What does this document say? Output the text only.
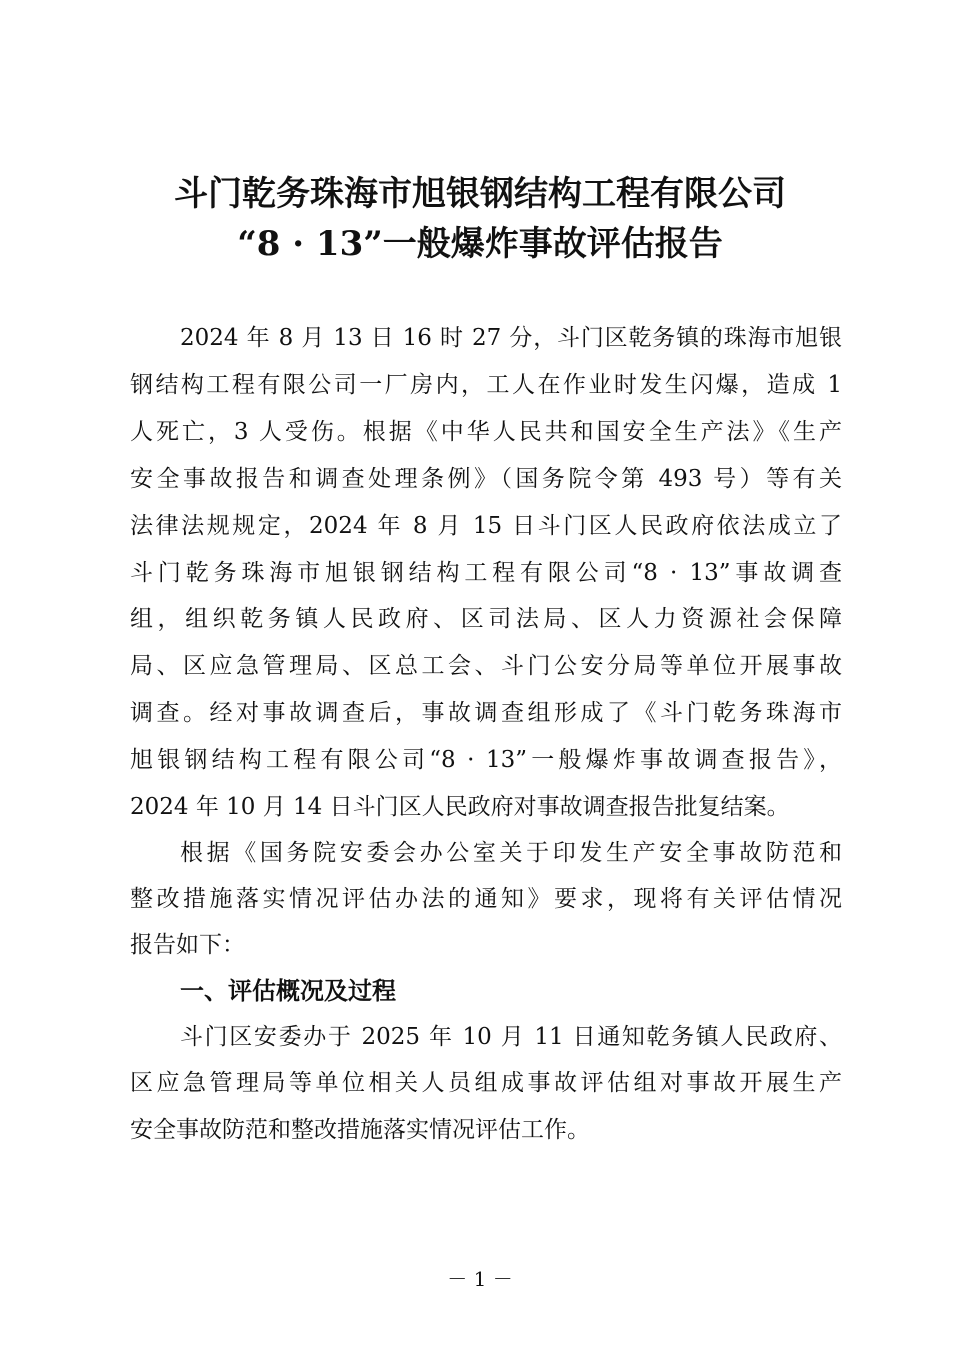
斗门乾务珠海市旭银钢结构工程有限公司
“8 · 13”一般爆炸事故评估报告
2024 年 8 月 13 日 16 时 27 分，斗门区乾务镇的珠海市旭银
钢结构工程有限公司一厂房内，工人在作业时发生闪爆，造成 1
人死亡，3 人受伤。根据《中华人民共和国安全生产法》《生产
安全事故报告和调查处理条例》（国务院令第 493 号）等有关
法律法规规定，2024 年 8 月 15 日斗门区人民政府依法成立了
斗门乾务珠海市旭银钢结构工程有限公司“8 · 13”事故调查
组，组织乾务镇人民政府、区司法局、区人力资源社会保障
局、区应急管理局、区总工会、斗门公安分局等单位开展事故
调查。经对事故调查后，事故调查组形成了《斗门乾务珠海市
旭银钢结构工程有限公司“8 · 13”一般爆炸事故调查报告》，
2024 年 10 月 14 日斗门区人民政府对事故调查报告批复结案。
根据《国务院安委会办公室关于印发生产安全事故防范和
整改措施落实情况评估办法的通知》要求，现将有关评估情况
报告如下：
一、评估概况及过程
斗门区安委办于 2025 年 10 月 11 日通知乾务镇人民政府、
区应急管理局等单位相关人员组成事故评估组对事故开展生产
安全事故防范和整改措施落实情况评估工作。
－ 1 －
